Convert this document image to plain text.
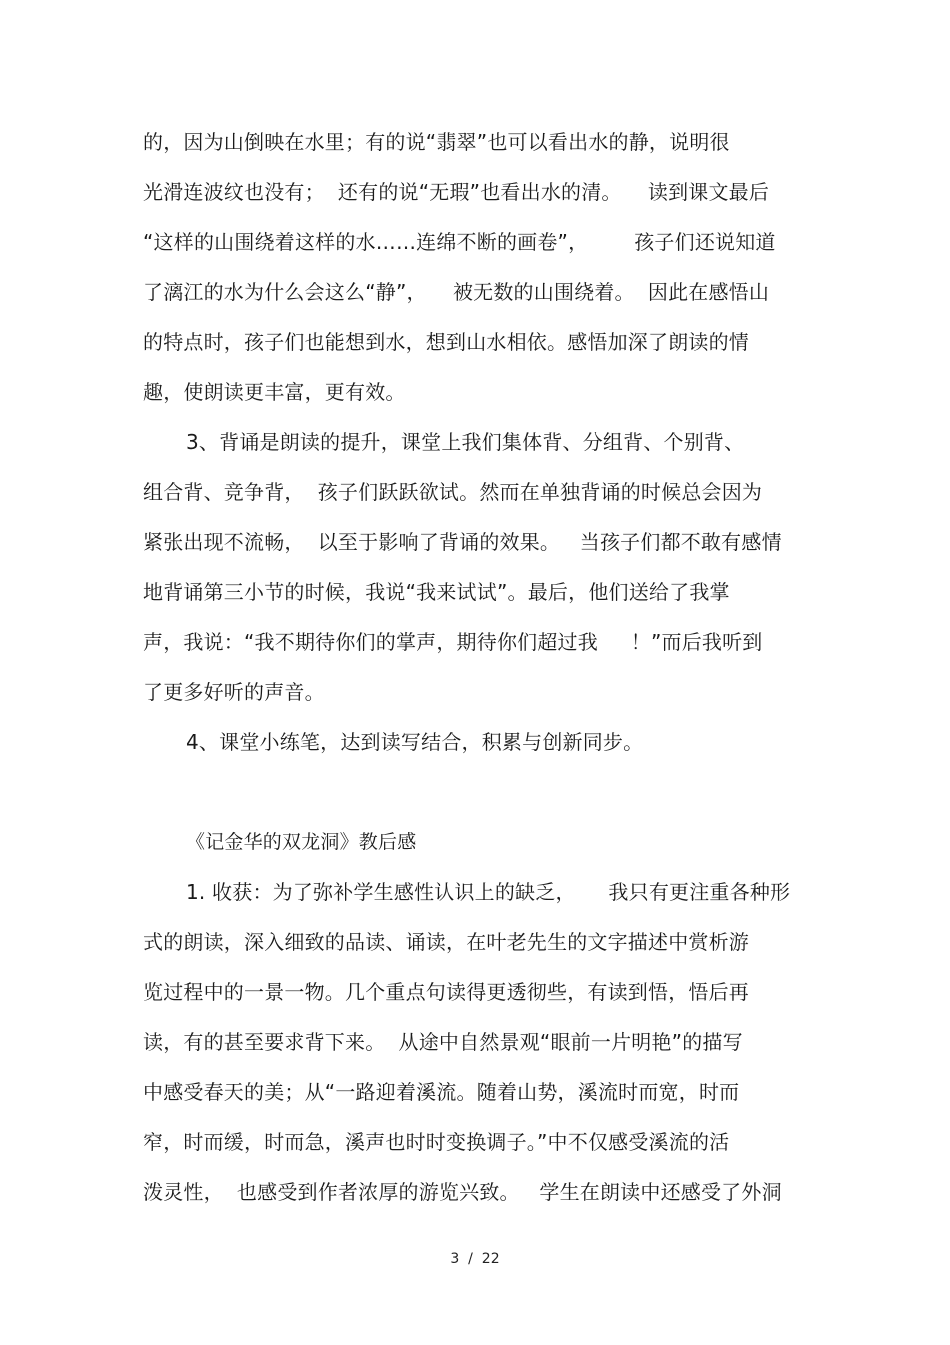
的，因为山倒映在水里；有的说“翡翠”也可以看出水的静，说明很
光滑连波纹也没有；  还有的说“无瑕”也看出水的清。    读到课文最后
“这样的山围绕着这样的水……连绵不断的画卷”，       孩子们还说知道
了漓江的水为什么会这么“静”，    被无数的山围绕着。  因此在感悟山
的特点时，孩子们也能想到水，想到山水相依。感悟加深了朗读的情
趣，使朗读更丰富，更有效。
3、背诵是朗读的提升，课堂上我们集体背、分组背、个别背、
组合背、竞争背，  孩子们跃跃欲试。然而在单独背诵的时候总会因为
紧张出现不流畅，  以至于影响了背诵的效果。   当孩子们都不敢有感情
地背诵第三小节的时候，我说“我来试试”。最后，他们送给了我掌
声，我说：“我不期待你们的掌声，期待你们超过我     ！”而后我听到
了更多好听的声音。
4、课堂小练笔，达到读写结合，积累与创新同步。
《记金华的双龙洞》教后感
1. 收获：为了弥补学生感性认识上的缺乏，     我只有更注重各种形
式的朗读，深入细致的品读、诵读，在叶老先生的文字描述中赏析游
览过程中的一景一物。几个重点句读得更透彻些，有读到悟，悟后再
读，有的甚至要求背下来。  从途中自然景观“眼前一片明艳”的描写
中感受春天的美；从“一路迎着溪流。随着山势，溪流时而宽，时而
窄，时而缓，时而急，溪声也时时变换调子。”中不仅感受溪流的活
泼灵性，  也感受到作者浓厚的游览兴致。   学生在朗读中还感受了外洞
3  /  22
